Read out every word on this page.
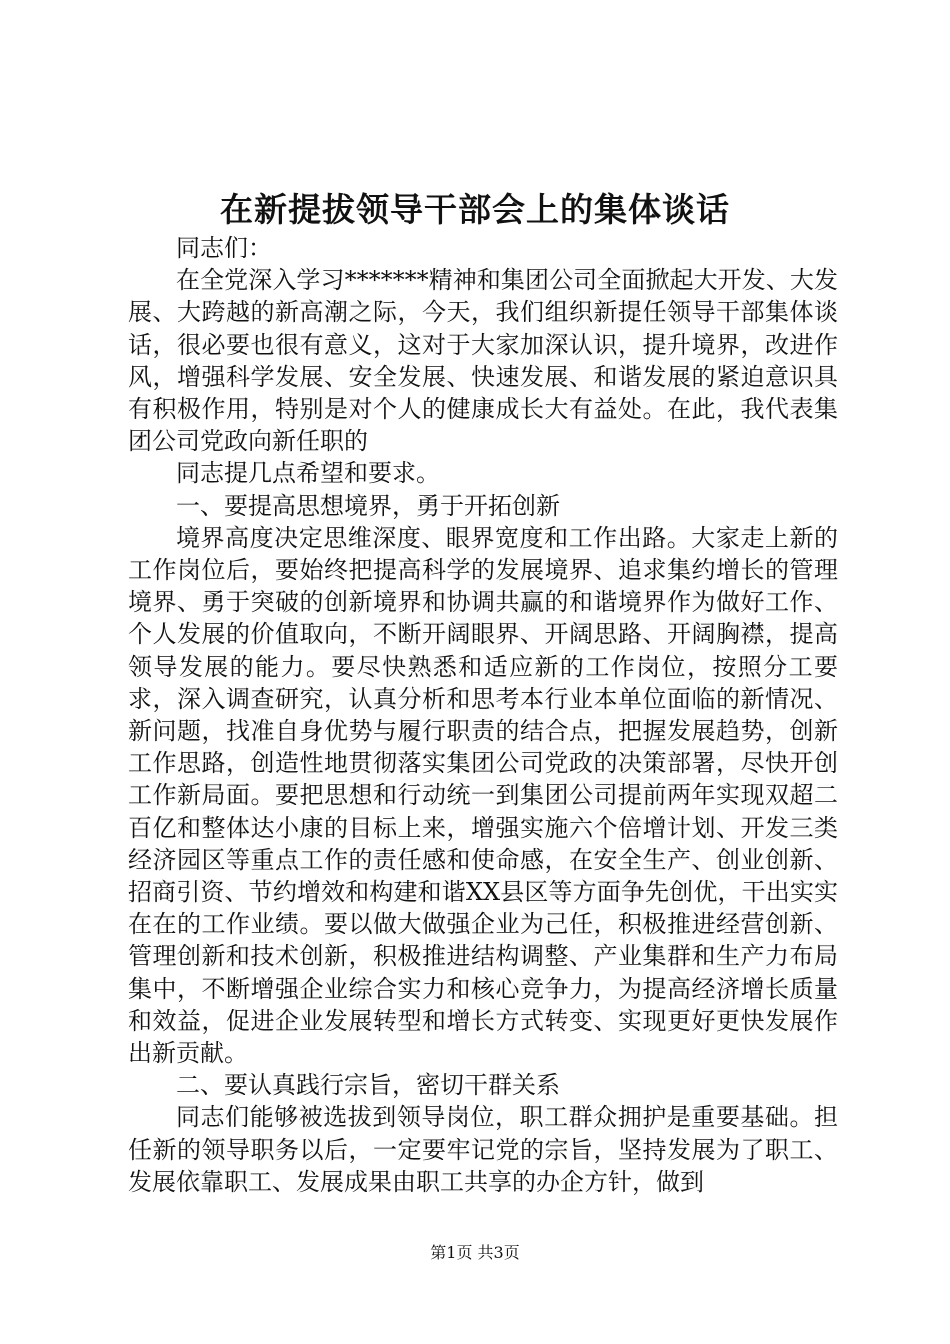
在新提拔领导干部会上的集体谈话

同志们：

在全党深入学习*******精神和集团公司全面掀起大开发、大发展、大跨越的新高潮之际，今天，我们组织新提任领导干部集体谈话，很必要也很有意义，这对于大家加深认识，提升境界，改进作风，增强科学发展、安全发展、快速发展、和谐发展的紧迫意识具有积极作用，特别是对个人的健康成长大有益处。在此，我代表集团公司党政向新任职的

同志提几点希望和要求。

一、要提高思想境界，勇于开拓创新

境界高度决定思维深度、眼界宽度和工作出路。大家走上新的工作岗位后，要始终把提高科学的发展境界、追求集约增长的管理境界、勇于突破的创新境界和协调共赢的和谐境界作为做好工作、个人发展的价值取向，不断开阔眼界、开阔思路、开阔胸襟，提高领导发展的能力。要尽快熟悉和适应新的工作岗位，按照分工要求，深入调查研究，认真分析和思考本行业本单位面临的新情况、新问题，找准自身优势与履行职责的结合点，把握发展趋势，创新工作思路，创造性地贯彻落实集团公司党政的决策部署，尽快开创工作新局面。要把思想和行动统一到集团公司提前两年实现双超二百亿和整体达小康的目标上来，增强实施六个倍增计划、开发三类经济园区等重点工作的责任感和使命感，在安全生产、创业创新、招商引资、节约增效和构建和谐XX县区等方面争先创优，干出实实在在的工作业绩。要以做大做强企业为己任，积极推进经营创新、管理创新和技术创新，积极推进结构调整、产业集群和生产力布局集中，不断增强企业综合实力和核心竞争力，为提高经济增长质量和效益，促进企业发展转型和增长方式转变、实现更好更快发展作出新贡献。

二、要认真践行宗旨，密切干群关系

同志们能够被选拔到领导岗位，职工群众拥护是重要基础。担任新的领导职务以后，一定要牢记党的宗旨，坚持发展为了职工、发展依靠职工、发展成果由职工共享的办企方针，做到

第1页 共3页
